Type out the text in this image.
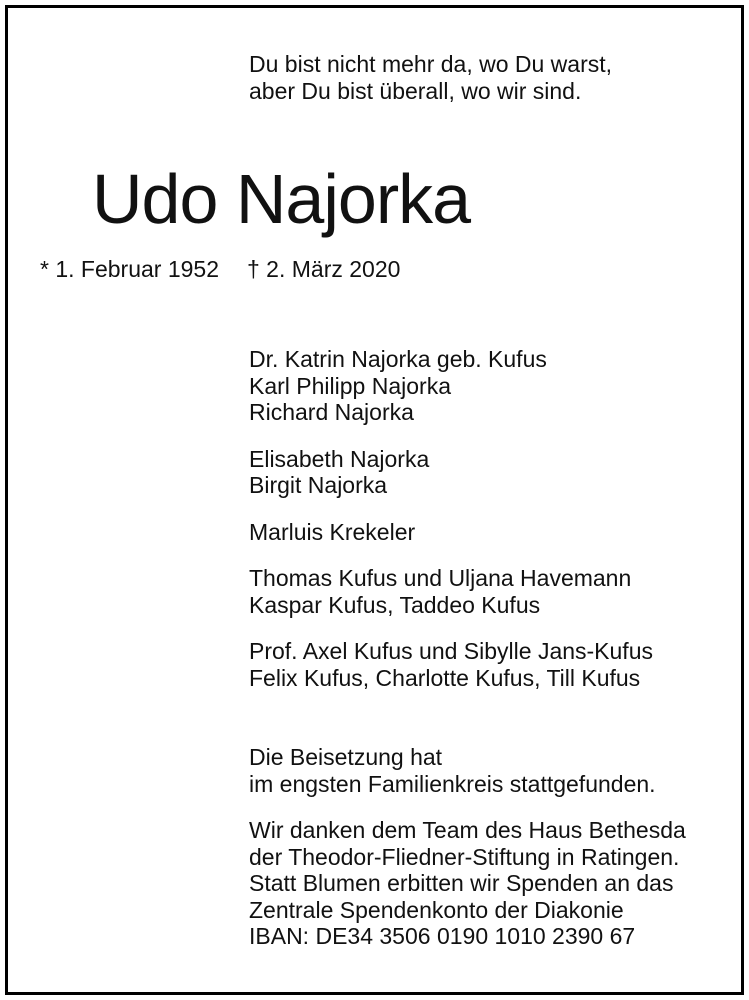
Du bist nicht mehr da, wo Du warst,
aber Du bist überall, wo wir sind.
Udo Najorka
* 1. Februar 1952 † 2. März 2020
Dr. Katrin Najorka geb. Kufus
Karl Philipp Najorka
Richard Najorka
Elisabeth Najorka
Birgit Najorka
Marluis Krekeler
Thomas Kufus und Uljana Havemann
Kaspar Kufus, Taddeo Kufus
Prof. Axel Kufus und Sibylle Jans-Kufus
Felix Kufus, Charlotte Kufus, Till Kufus
Die Beisetzung hat
im engsten Familienkreis stattgefunden.
Wir danken dem Team des Haus Bethesda
der Theodor-Fliedner-Stiftung in Ratingen.
Statt Blumen erbitten wir Spenden an das
Zentrale Spendenkonto der Diakonie
IBAN: DE34 3506 0190 1010 2390 67
